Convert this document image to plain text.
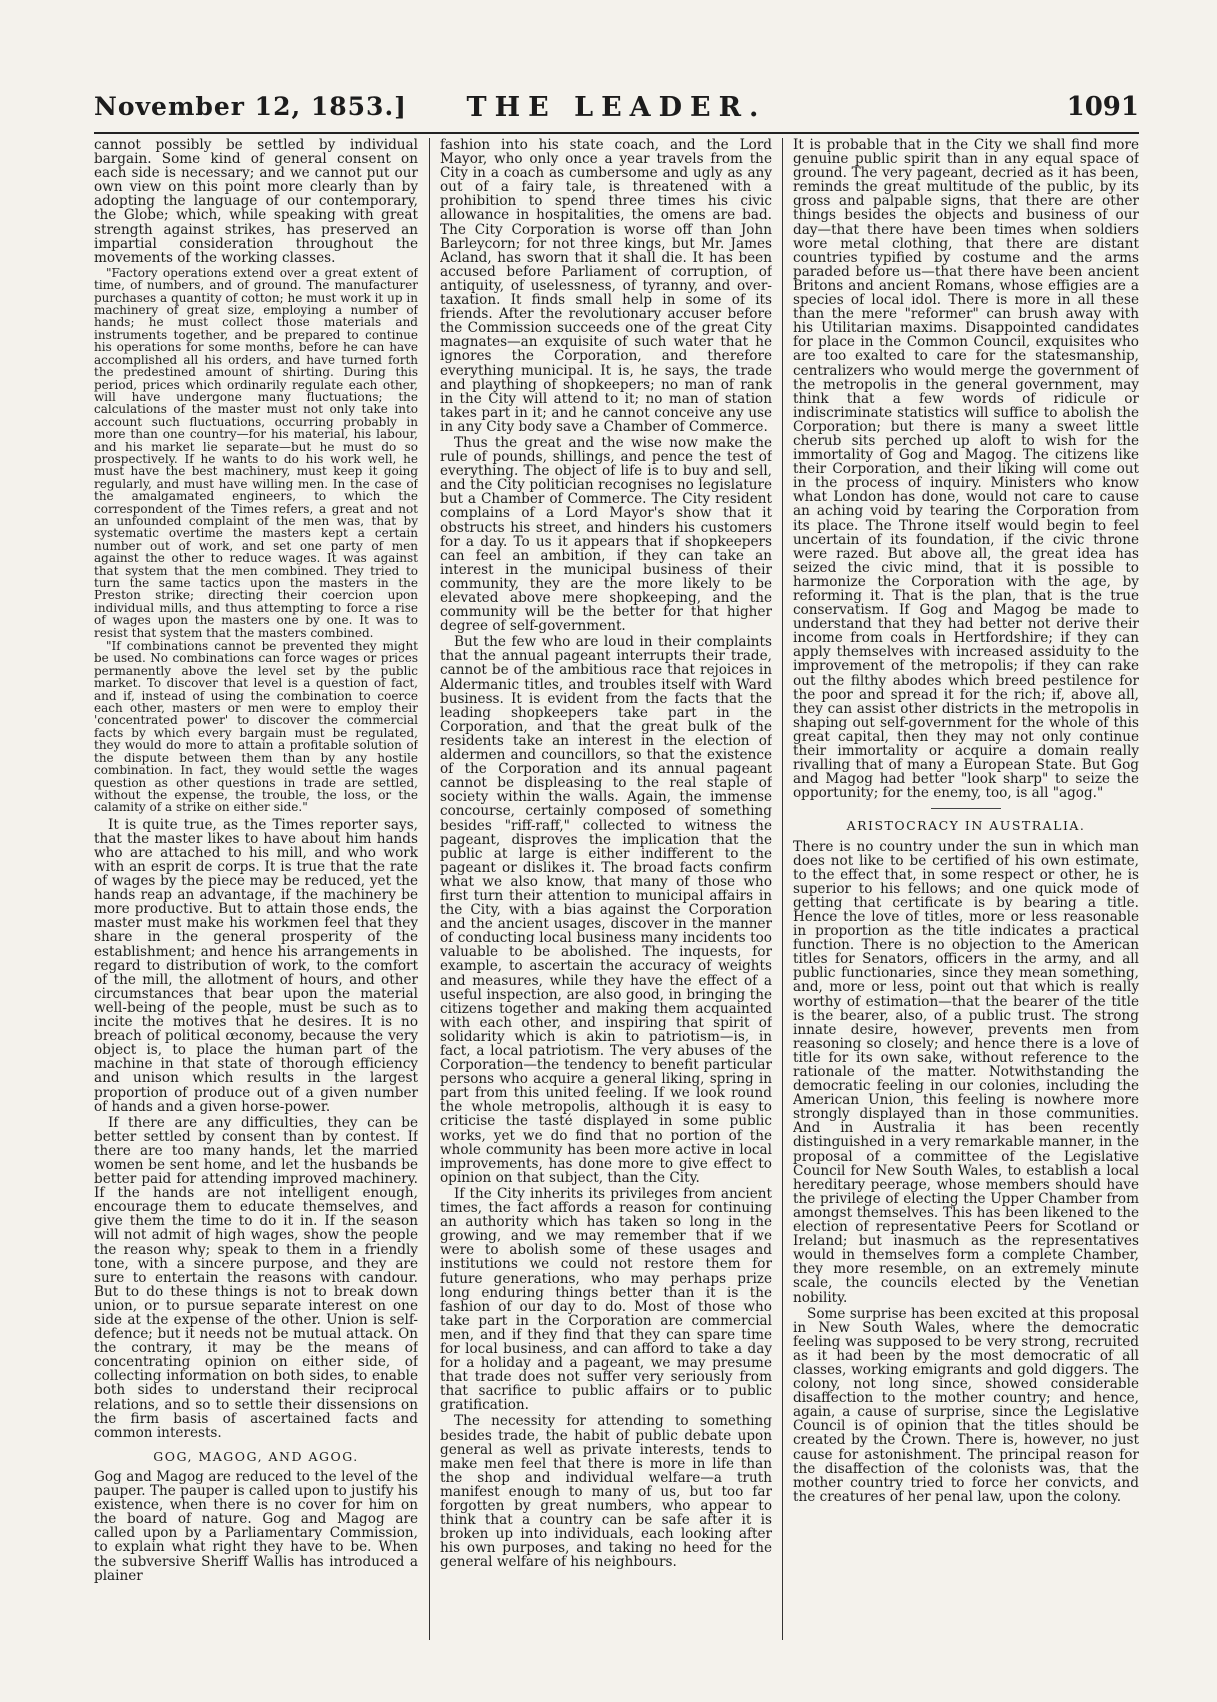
November 12, 1853.]	THE LEADER.	1091

cannot possibly be settled by individual bargain. Some kind of general consent on each side is necessary; and we cannot put our own view on this point more clearly than by adopting the language of our contemporary, the Globe; which, while speaking with great strength against strikes, has preserved an impartial consideration throughout the movements of the working classes.

"Factory operations extend over a great extent of time, of numbers, and of ground. The manufacturer purchases a quantity of cotton; he must work it up in machinery of great size, employing a number of hands; he must collect those materials and instruments together, and be prepared to continue his operations for some months, before he can have accomplished all his orders, and have turned forth the predestined amount of shirting. During this period, prices which ordinarily regulate each other, will have undergone many fluctuations; the calculations of the master must not only take into account such fluctuations, occurring probably in more than one country—for his material, his labour, and his market lie separate—but he must do so prospectively. If he wants to do his work well, he must have the best machinery, must keep it going regularly, and must have willing men. In the case of the amalgamated engineers, to which the correspondent of the Times refers, a great and not an unfounded complaint of the men was, that by systematic overtime the masters kept a certain number out of work, and set one party of men against the other to reduce wages. It was against that system that the men combined. They tried to turn the same tactics upon the masters in the Preston strike; directing their coercion upon individual mills, and thus attempting to force a rise of wages upon the masters one by one. It was to resist that system that the masters combined.

"If combinations cannot be prevented they might be used. No combinations can force wages or prices permanently above the level set by the public market. To discover that level is a question of fact, and if, instead of using the combination to coerce each other, masters or men were to employ their 'concentrated power' to discover the commercial facts by which every bargain must be regulated, they would do more to attain a profitable solution of the dispute between them than by any hostile combination. In fact, they would settle the wages question as other questions in trade are settled, without the expense, the trouble, the loss, or the calamity of a strike on either side."

It is quite true, as the Times reporter says, that the master likes to have about him hands who are attached to his mill, and who work with an esprit de corps. It is true that the rate of wages by the piece may be reduced, yet the hands reap an advantage, if the machinery be more productive. But to attain those ends, the master must make his workmen feel that they share in the general prosperity of the establishment; and hence his arrangements in regard to distribution of work, to the comfort of the mill, the allotment of hours, and other circumstances that bear upon the material well-being of the people, must be such as to incite the motives that he desires. It is no breach of political œconomy, because the very object is, to place the human part of the machine in that state of thorough efficiency and unison which results in the largest proportion of produce out of a given number of hands and a given horse-power.

If there are any difficulties, they can be better settled by consent than by contest. If there are too many hands, let the married women be sent home, and let the husbands be better paid for attending improved machinery. If the hands are not intelligent enough, encourage them to educate themselves, and give them the time to do it in. If the season will not admit of high wages, show the people the reason why; speak to them in a friendly tone, with a sincere purpose, and they are sure to entertain the reasons with candour. But to do these things is not to break down union, or to pursue separate interest on one side at the expense of the other. Union is self-defence; but it needs not be mutual attack. On the contrary, it may be the means of concentrating opinion on either side, of collecting information on both sides, to enable both sides to understand their reciprocal relations, and so to settle their dissensions on the firm basis of ascertained facts and common interests.

GOG, MAGOG, AND AGOG.

Gog and Magog are reduced to the level of the pauper. The pauper is called upon to justify his existence, when there is no cover for him on the board of nature. Gog and Magog are called upon by a Parliamentary Commission, to explain what right they have to be. When the subversive Sheriff Wallis has introduced a plainer

fashion into his state coach, and the Lord Mayor, who only once a year travels from the City in a coach as cumbersome and ugly as any out of a fairy tale, is threatened with a prohibition to spend three times his civic allowance in hospitalities, the omens are bad. The City Corporation is worse off than John Barleycorn; for not three kings, but Mr. James Acland, has sworn that it shall die. It has been accused before Parliament of corruption, of antiquity, of uselessness, of tyranny, and over-taxation. It finds small help in some of its friends. After the revolutionary accuser before the Commission succeeds one of the great City magnates—an exquisite of such water that he ignores the Corporation, and therefore everything municipal. It is, he says, the trade and plaything of shopkeepers; no man of rank in the City will attend to it; no man of station takes part in it; and he cannot conceive any use in any City body save a Chamber of Commerce.

Thus the great and the wise now make the rule of pounds, shillings, and pence the test of everything. The object of life is to buy and sell, and the City politician recognises no legislature but a Chamber of Commerce. The City resident complains of a Lord Mayor's show that it obstructs his street, and hinders his customers for a day. To us it appears that if shopkeepers can feel an ambition, if they can take an interest in the municipal business of their community, they are the more likely to be elevated above mere shopkeeping, and the community will be the better for that higher degree of self-government.

But the few who are loud in their complaints that the annual pageant interrupts their trade, cannot be of the ambitious race that rejoices in Aldermanic titles, and troubles itself with Ward business. It is evident from the facts that the leading shopkeepers take part in the Corporation, and that the great bulk of the residents take an interest in the election of aldermen and councillors, so that the existence of the Corporation and its annual pageant cannot be displeasing to the real staple of society within the walls. Again, the immense concourse, certainly composed of something besides "riff-raff," collected to witness the pageant, disproves the implication that the public at large is either indifferent to the pageant or dislikes it. The broad facts confirm what we also know, that many of those who first turn their attention to municipal affairs in the City, with a bias against the Corporation and the ancient usages, discover in the manner of conducting local business many incidents too valuable to be abolished. The inquests, for example, to ascertain the accuracy of weights and measures, while they have the effect of a useful inspection, are also good, in bringing the citizens together and making them acquainted with each other, and inspiring that spirit of solidarity which is akin to patriotism—is, in fact, a local patriotism. The very abuses of the Corporation—the tendency to benefit particular persons who acquire a general liking, spring in part from this united feeling. If we look round the whole metropolis, although it is easy to criticise the tasté displayed in some public works, yet we do find that no portion of the whole community has been more active in local improvements, has done more to give effect to opinion on that subject, than the City.

If the City inherits its privileges from ancient times, the fact affords a reason for continuing an authority which has taken so long in the growing, and we may remember that if we were to abolish some of these usages and institutions we could not restore them for future generations, who may perhaps prize long enduring things better than it is the fashion of our day to do. Most of those who take part in the Corporation are commercial men, and if they find that they can spare time for local business, and can afford to take a day for a holiday and a pageant, we may presume that trade does not suffer very seriously from that sacrifice to public affairs or to public gratification.

The necessity for attending to something besides trade, the habit of public debate upon general as well as private interests, tends to make men feel that there is more in life than the shop and individual welfare—a truth manifest enough to many of us, but too far forgotten by great numbers, who appear to think that a country can be safe after it is broken up into individuals, each looking after his own purposes, and taking no heed for the general welfare of his neighbours.

It is probable that in the City we shall find more genuine public spirit than in any equal space of ground. The very pageant, decried as it has been, reminds the great multitude of the public, by its gross and palpable signs, that there are other things besides the objects and business of our day—that there have been times when soldiers wore metal clothing, that there are distant countries typified by costume and the arms paraded before us—that there have been ancient Britons and ancient Romans, whose effigies are a species of local idol. There is more in all these than the mere "reformer" can brush away with his Utilitarian maxims. Disappointed candidates for place in the Common Council, exquisites who are too exalted to care for the statesmanship, centralizers who would merge the government of the metropolis in the general government, may think that a few words of ridicule or indiscriminate statistics will suffice to abolish the Corporation; but there is many a sweet little cherub sits perched up aloft to wish for the immortality of Gog and Magog. The citizens like their Corporation, and their liking will come out in the process of inquiry. Ministers who know what London has done, would not care to cause an aching void by tearing the Corporation from its place. The Throne itself would begin to feel uncertain of its foundation, if the civic throne were razed. But above all, the great idea has seized the civic mind, that it is possible to harmonize the Corporation with the age, by reforming it. That is the plan, that is the true conservatism. If Gog and Magog be made to understand that they had better not derive their income from coals in Hertfordshire; if they can apply themselves with increased assiduity to the improvement of the metropolis; if they can rake out the filthy abodes which breed pestilence for the poor and spread it for the rich; if, above all, they can assist other districts in the metropolis in shaping out self-government for the whole of this great capital, then they may not only continue their immortality or acquire a domain really rivalling that of many a European State. But Gog and Magog had better "look sharp" to seize the opportunity; for the enemy, too, is all "agog."

ARISTOCRACY IN AUSTRALIA.

There is no country under the sun in which man does not like to be certified of his own estimate, to the effect that, in some respect or other, he is superior to his fellows; and one quick mode of getting that certificate is by bearing a title. Hence the love of titles, more or less reasonable in proportion as the title indicates a practical function. There is no objection to the American titles for Senators, officers in the army, and all public functionaries, since they mean something, and, more or less, point out that which is really worthy of estimation—that the bearer of the title is the bearer, also, of a public trust. The strong innate desire, however, prevents men from reasoning so closely; and hence there is a love of title for its own sake, without reference to the rationale of the matter. Notwithstanding the democratic feeling in our colonies, including the American Union, this feeling is nowhere more strongly displayed than in those communities. And in Australia it has been recently distinguished in a very remarkable manner, in the proposal of a committee of the Legislative Council for New South Wales, to establish a local hereditary peerage, whose members should have the privilege of electing the Upper Chamber from amongst themselves. This has been likened to the election of representative Peers for Scotland or Ireland; but inasmuch as the representatives would in themselves form a complete Chamber, they more resemble, on an extremely minute scale, the councils elected by the Venetian nobility.

Some surprise has been excited at this proposal in New South Wales, where the democratic feeling was supposed to be very strong, recruited as it had been by the most democratic of all classes, working emigrants and gold diggers. The colony, not long since, showed considerable disaffection to the mother country; and hence, again, a cause of surprise, since the Legislative Council is of opinion that the titles should be created by the Crown. There is, however, no just cause for astonishment. The principal reason for the disaffection of the colonists was, that the mother country tried to force her convicts, and the creatures of her penal law, upon the colony.
